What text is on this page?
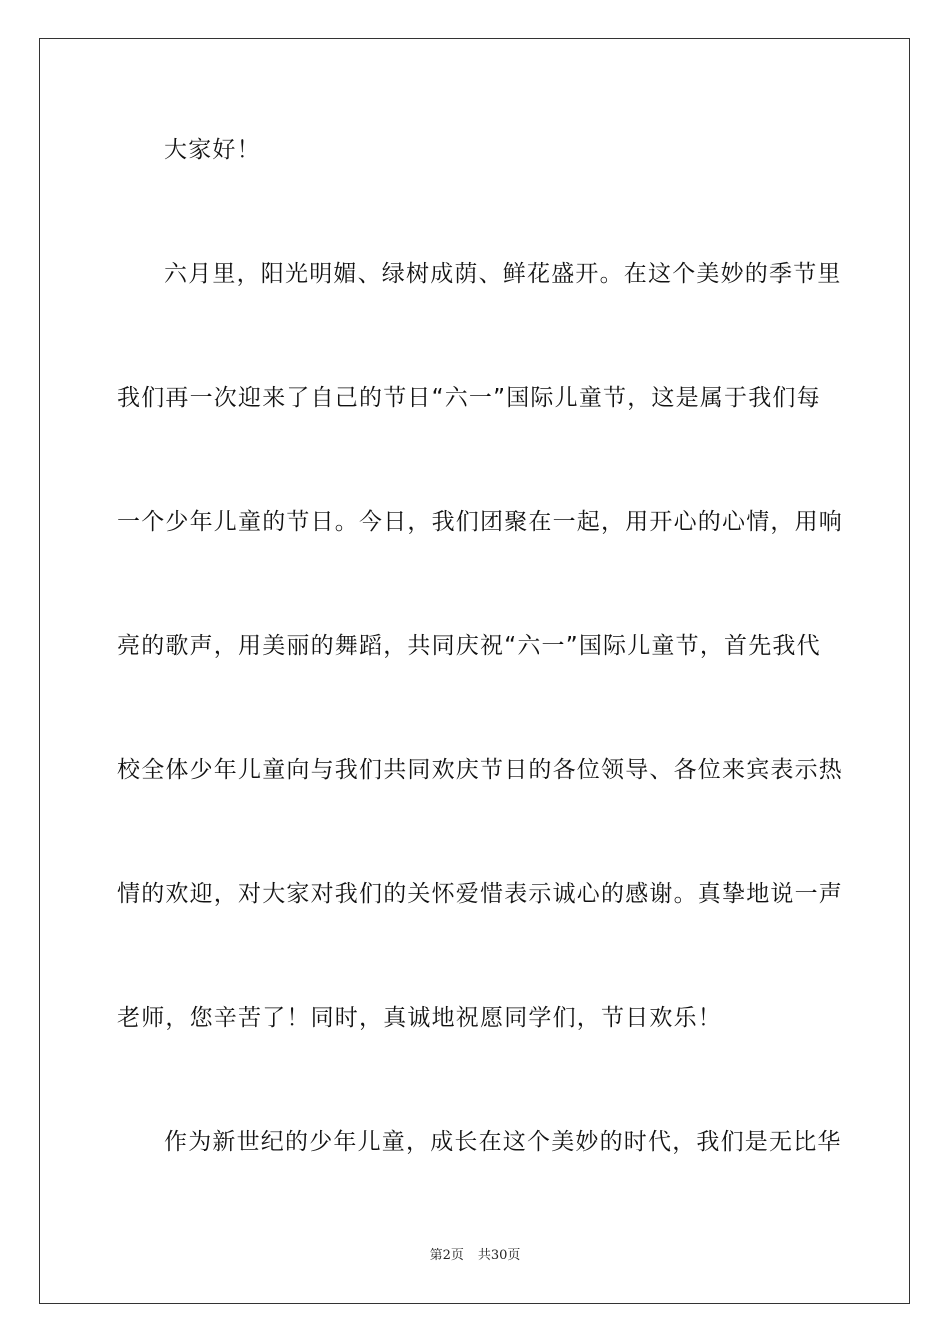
大家好！
六月里，阳光明媚、绿树成荫、鲜花盛开。在这个美妙的季节里
我们再一次迎来了自己的节日“六一”国际儿童节，这是属于我们每
一个少年儿童的节日。今日，我们团聚在一起，用开心的心情，用响
亮的歌声，用美丽的舞蹈，共同庆祝“六一”国际儿童节，首先我代
校全体少年儿童向与我们共同欢庆节日的各位领导、各位来宾表示热
情的欢迎，对大家对我们的关怀爱惜表示诚心的感谢。真挚地说一声
老师，您辛苦了！同时，真诚地祝愿同学们，节日欢乐！
作为新世纪的少年儿童，成长在这个美妙的时代，我们是无比华
第2页 共30页
